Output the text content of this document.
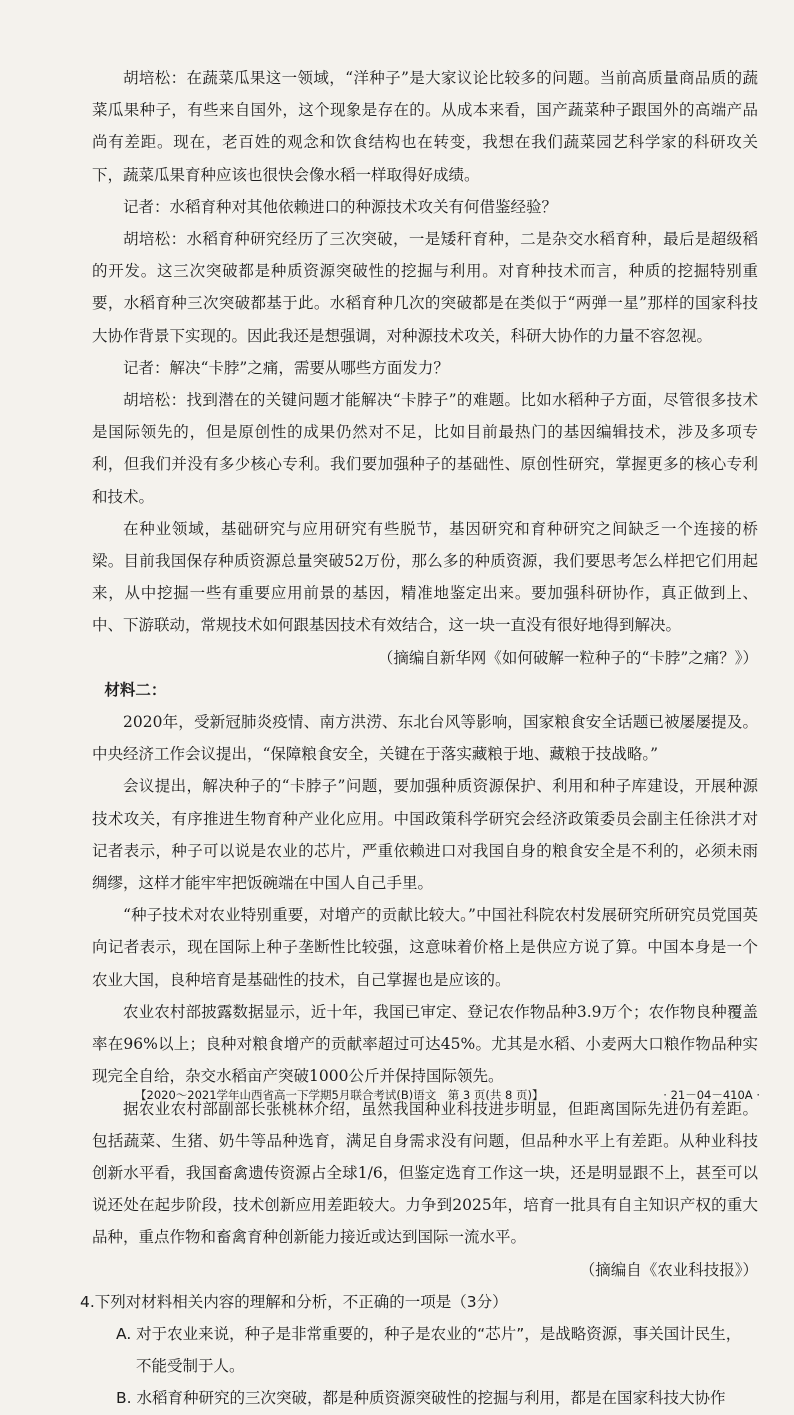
胡培松：在蔬菜瓜果这一领域，“洋种子”是大家议论比较多的问题。当前高质量商品质的蔬菜瓜果种子，有些来自国外，这个现象是存在的。从成本来看，国产蔬菜种子跟国外的高端产品尚有差距。现在，老百姓的观念和饮食结构也在转变，我想在我们蔬菜园艺科学家的科研攻关下，蔬菜瓜果育种应该也很快会像水稻一样取得好成绩。

记者：水稻育种对其他依赖进口的种源技术攻关有何借鉴经验？

胡培松：水稻育种研究经历了三次突破，一是矮秆育种，二是杂交水稻育种，最后是超级稻的开发。这三次突破都是种质资源突破性的挖掘与利用。对育种技术而言，种质的挖掘特别重要，水稻育种三次突破都基于此。水稻育种几次的突破都是在类似于“两弹一星”那样的国家科技大协作背景下实现的。因此我还是想强调，对种源技术攻关，科研大协作的力量不容忽视。

记者：解决“卡脖”之痛，需要从哪些方面发力？

胡培松：找到潜在的关键问题才能解决“卡脖子”的难题。比如水稻种子方面，尽管很多技术是国际领先的，但是原创性的成果仍然对不足，比如目前最热门的基因编辑技术，涉及多项专利，但我们并没有多少核心专利。我们要加强种子的基础性、原创性研究，掌握更多的核心专利和技术。

在种业领域，基础研究与应用研究有些脱节，基因研究和育种研究之间缺乏一个连接的桥梁。目前我国保存种质资源总量突破52万份，那么多的种质资源，我们要思考怎么样把它们用起来，从中挖掘一些有重要应用前景的基因，精准地鉴定出来。要加强科研协作，真正做到上、中、下游联动，常规技术如何跟基因技术有效结合，这一块一直没有很好地得到解决。

（摘编自新华网《如何破解一粒种子的“卡脖”之痛？》）

材料二：

2020年，受新冠肺炎疫情、南方洪涝、东北台风等影响，国家粮食安全话题已被屡屡提及。中央经济工作会议提出，“保障粮食安全，关键在于落实藏粮于地、藏粮于技战略。”

会议提出，解决种子的“卡脖子”问题，要加强种质资源保护、利用和种子库建设，开展种源技术攻关，有序推进生物育种产业化应用。中国政策科学研究会经济政策委员会副主任徐洪才对记者表示，种子可以说是农业的芯片，严重依赖进口对我国自身的粮食安全是不利的，必须未雨绸缪，这样才能牢牢把饭碗端在中国人自己手里。

“种子技术对农业特别重要，对增产的贡献比较大。”中国社科院农村发展研究所研究员党国英向记者表示，现在国际上种子垄断性比较强，这意味着价格上是供应方说了算。中国本身是一个农业大国，良种培育是基础性的技术，自己掌握也是应该的。

农业农村部披露数据显示，近十年，我国已审定、登记农作物品种3.9万个；农作物良种覆盖率在96%以上；良种对粮食增产的贡献率超过可达45%。尤其是水稻、小麦两大口粮作物品种实现完全自给，杂交水稻亩产突破1000公斤并保持国际领先。

据农业农村部副部长张桃林介绍，虽然我国种业科技进步明显，但距离国际先进仍有差距。包括蔬菜、生猪、奶牛等品种选育，满足自身需求没有问题，但品种水平上有差距。从种业科技创新水平看，我国畜禽遗传资源占全球1/6，但鉴定选育工作这一块，还是明显跟不上，甚至可以说还处在起步阶段，技术创新应用差距较大。力争到2025年，培育一批具有自主知识产权的重大品种，重点作物和畜禽育种创新能力接近或达到国际一流水平。

（摘编自《农业科技报》）

4.下列对材料相关内容的理解和分析，不正确的一项是（3分）

A. 对于农业来说，种子是非常重要的，种子是农业的“芯片”，是战略资源，事关国计民生，
不能受制于人。

B. 水稻育种研究的三次突破，都是种质资源突破性的挖掘与利用，都是在国家科技大协作

【2020～2021学年山西省高一下学期5月联合考试(B)语文　第 3 页(共 8 页)】	· 21－04－410A ·
